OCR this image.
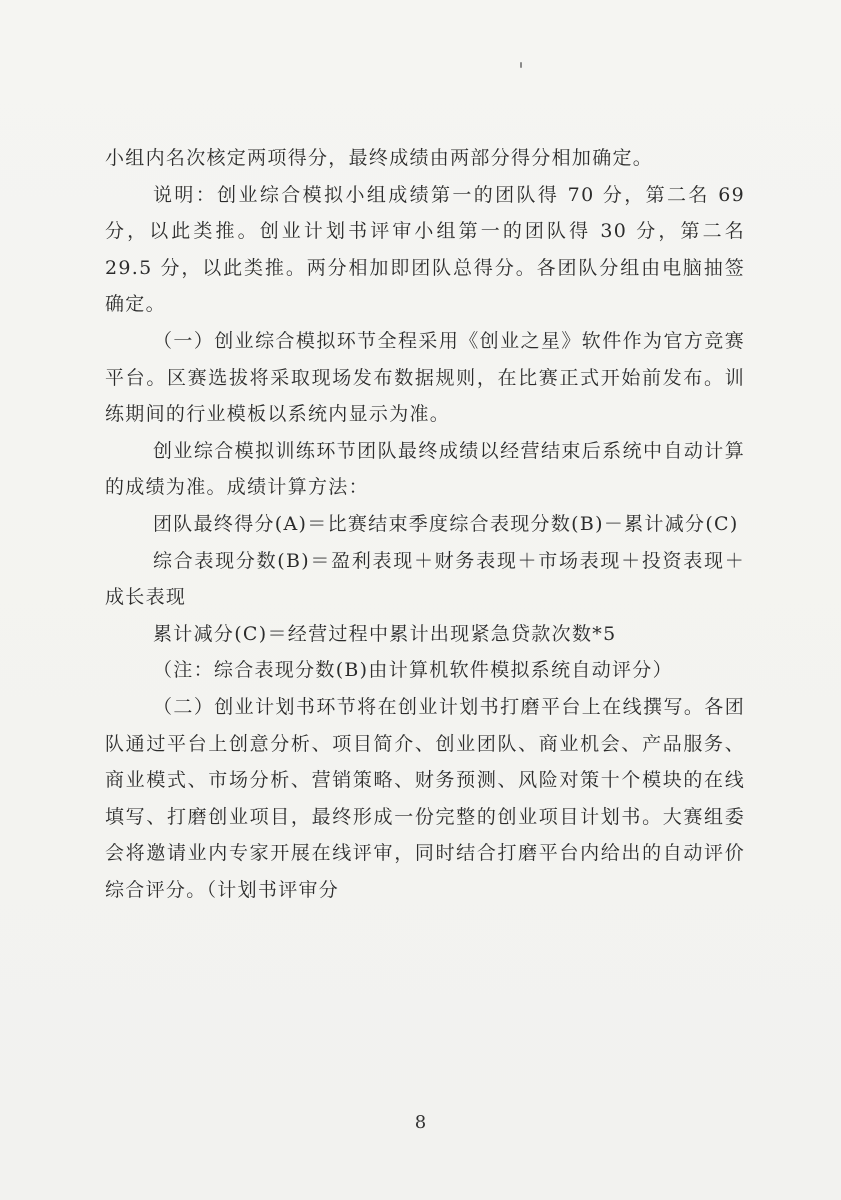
小组内名次核定两项得分，最终成绩由两部分得分相加确定。

说明：创业综合模拟小组成绩第一的团队得 70 分，第二名 69 分，以此类推。创业计划书评审小组第一的团队得 30 分，第二名 29.5 分，以此类推。两分相加即团队总得分。各团队分组由电脑抽签确定。

（一）创业综合模拟环节全程采用《创业之星》软件作为官方竞赛平台。区赛选拔将采取现场发布数据规则，在比赛正式开始前发布。训练期间的行业模板以系统内显示为准。

创业综合模拟训练环节团队最终成绩以经营结束后系统中自动计算的成绩为准。成绩计算方法：

团队最终得分(A)＝比赛结束季度综合表现分数(B)－累计减分(C)

综合表现分数(B)＝盈利表现＋财务表现＋市场表现＋投资表现＋成长表现

累计减分(C)＝经营过程中累计出现紧急贷款次数*5

（注：综合表现分数(B)由计算机软件模拟系统自动评分）

（二）创业计划书环节将在创业计划书打磨平台上在线撰写。各团队通过平台上创意分析、项目简介、创业团队、商业机会、产品服务、商业模式、市场分析、营销策略、财务预测、风险对策十个模块的在线填写、打磨创业项目，最终形成一份完整的创业项目计划书。大赛组委会将邀请业内专家开展在线评审，同时结合打磨平台内给出的自动评价综合评分。（计划书评审分

8
